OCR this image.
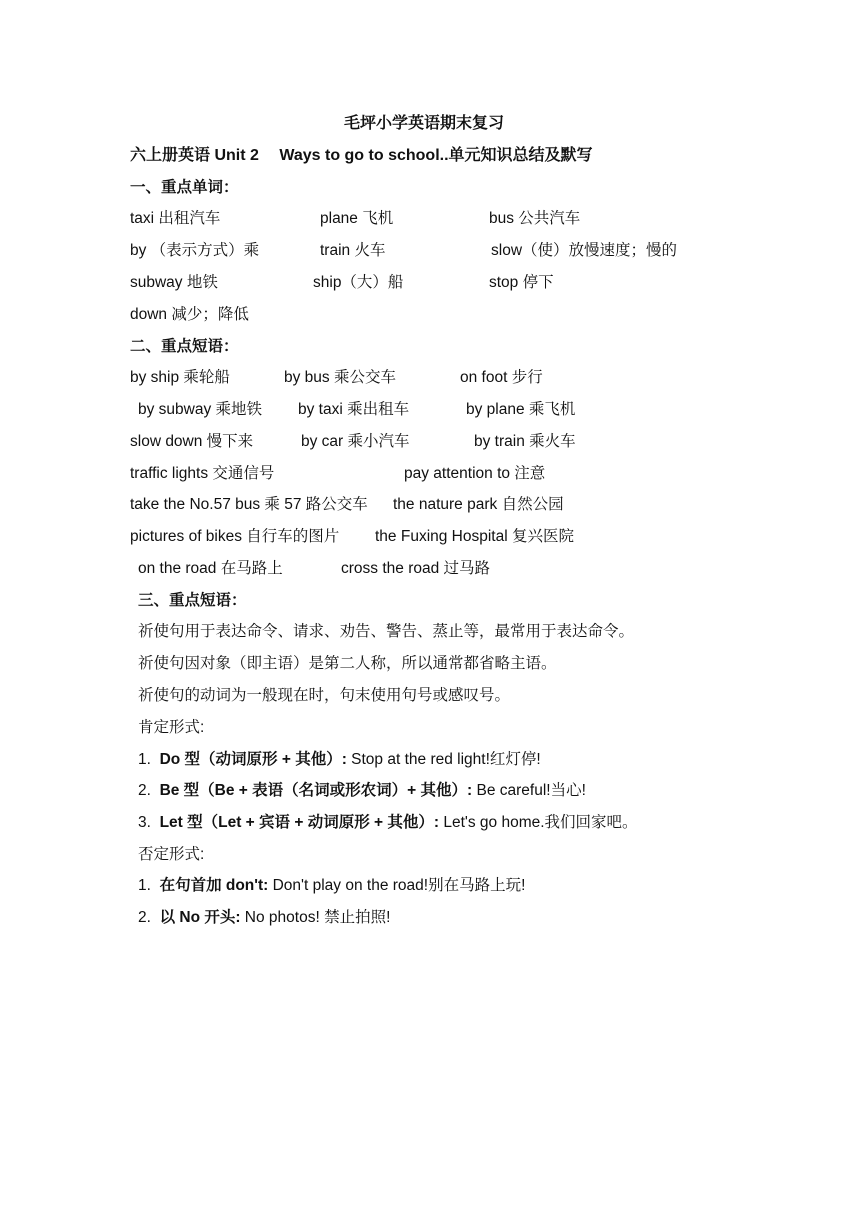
毛坪小学英语期末复习
六上册英语 Unit 2　 Ways to go to school..单元知识总结及默写
一、重点单词：
taxi 出租汽车	plane 飞机	bus 公共汽车
by （表示方式）乘	train 火车	slow（使）放慢速度；慢的
subway 地铁	ship（大）船	stop 停下
down 减少；降低
二、重点短语：
by ship 乘轮船	by bus 乘公交车	on foot 步行
by subway 乘地铁 by taxi 乘出租车	by plane 乘飞机
slow down 慢下来	by car 乘小汽车	by train 乘火车
traffic lights 交通信号	pay attention to 注意
take the No.57 bus 乘 57 路公交车 the nature park 自然公园
pictures of bikes 自行车的图片 the Fuxing Hospital 复兴医院
on the road 在马路上	cross the road 过马路
三、重点短语：
祈使句用于表达命令、请求、劝告、警告、蒸止等，最常用于表达命令。
祈使句因对象（即主语）是第二人称，所以通常都省略主语。
祈使句的动词为一般现在时，句末使用句号或感叹号。
肯定形式:
1. Do 型（动词原形 + 其他）: Stop at the red light!红灯停!
2. Be 型（Be + 表语（名词或形农词）+ 其他）: Be careful!当心!
3. Let 型（Let + 宾语 + 动词原形 + 其他）: Let's go home.我们回家吧。
否定形式:
1. 在句首加 don't: Don't play on the road!别在马路上玩!
2. 以 No 开头: No photos! 禁止拍照!
